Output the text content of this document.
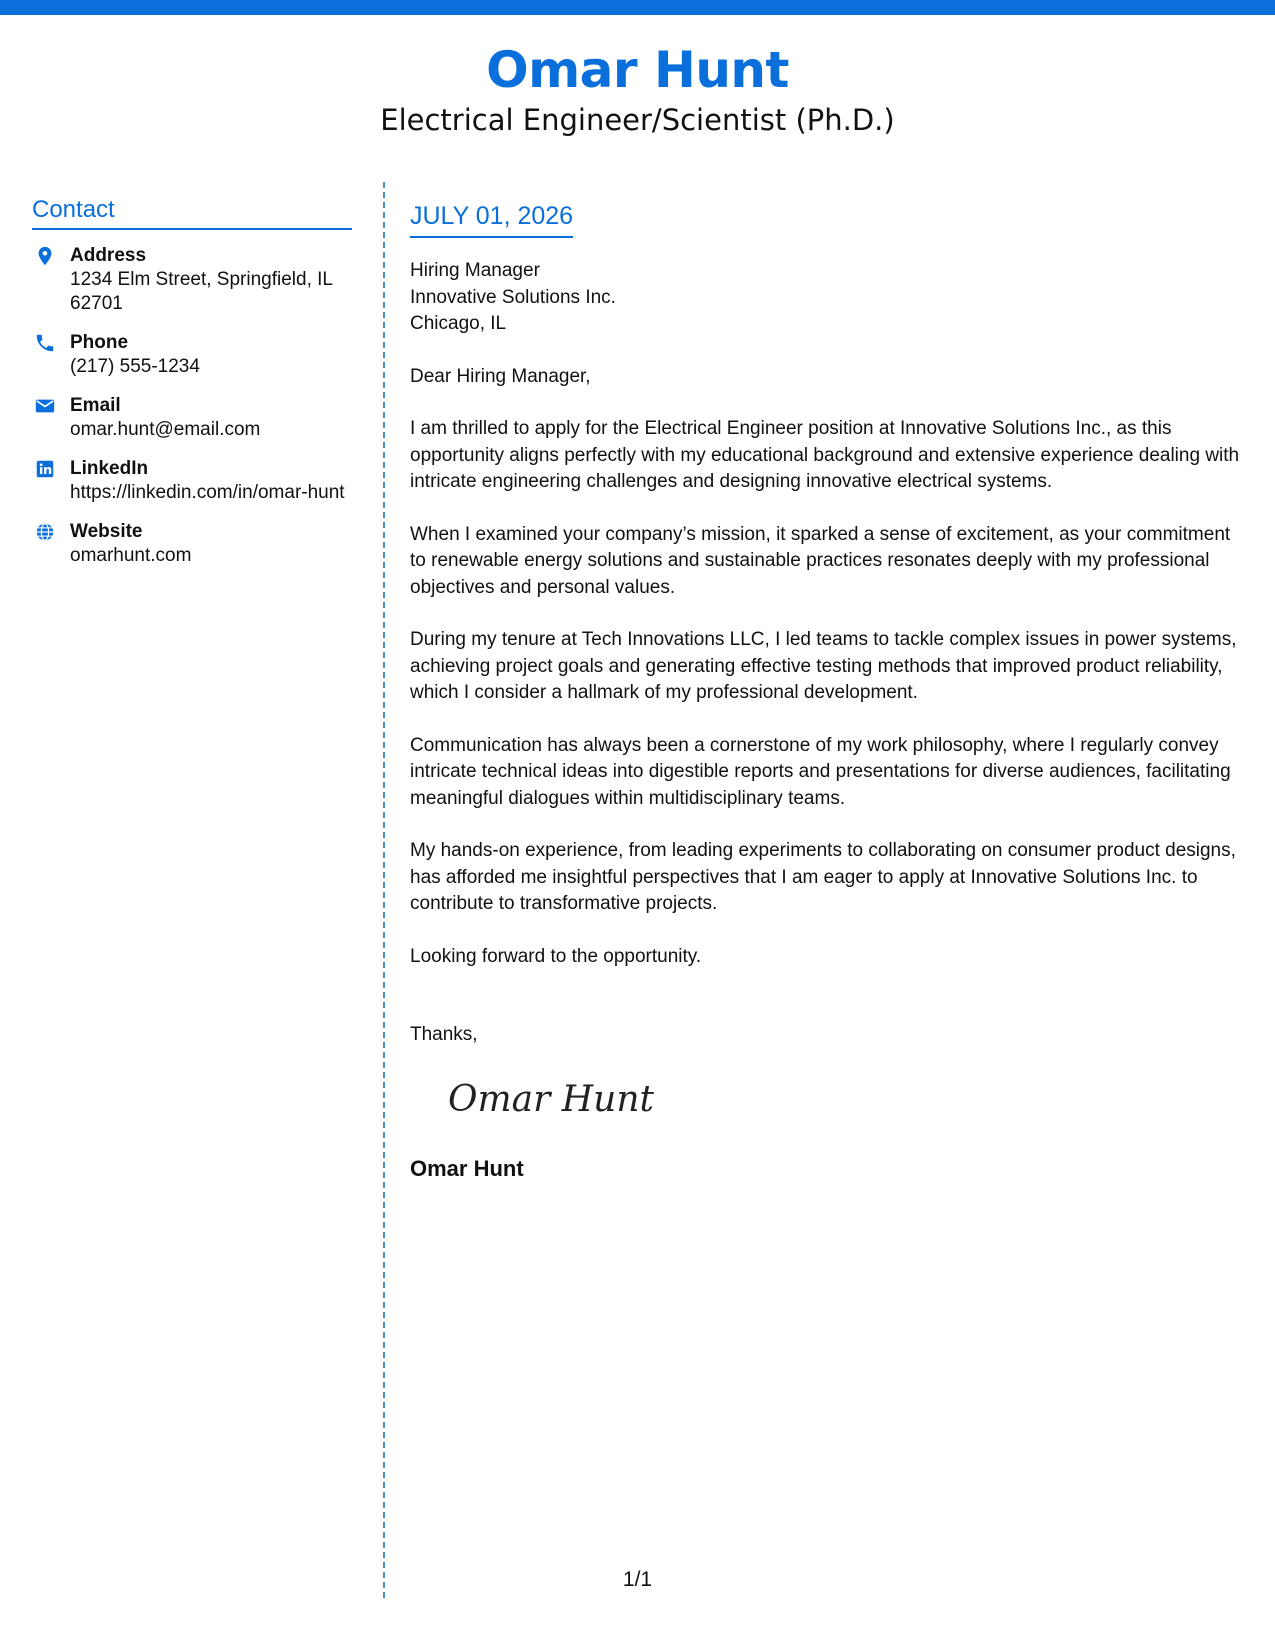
Omar Hunt
Electrical Engineer/Scientist (Ph.D.)
Contact
Address
1234 Elm Street, Springfield, IL 62701
Phone
(217) 555-1234
Email
omar.hunt@email.com
LinkedIn
https://linkedin.com/in/omar-hunt
Website
omarhunt.com
JULY 01, 2026
Hiring Manager
Innovative Solutions Inc.
Chicago, IL
Dear Hiring Manager,
I am thrilled to apply for the Electrical Engineer position at Innovative Solutions Inc., as this opportunity aligns perfectly with my educational background and extensive experience dealing with intricate engineering challenges and designing innovative electrical systems.
When I examined your company’s mission, it sparked a sense of excitement, as your commitment to renewable energy solutions and sustainable practices resonates deeply with my professional objectives and personal values.
During my tenure at Tech Innovations LLC, I led teams to tackle complex issues in power systems, achieving project goals and generating effective testing methods that improved product reliability, which I consider a hallmark of my professional development.
Communication has always been a cornerstone of my work philosophy, where I regularly convey intricate technical ideas into digestible reports and presentations for diverse audiences, facilitating meaningful dialogues within multidisciplinary teams.
My hands-on experience, from leading experiments to collaborating on consumer product designs, has afforded me insightful perspectives that I am eager to apply at Innovative Solutions Inc. to contribute to transformative projects.
Looking forward to the opportunity.
Thanks,
Omar Hunt
Omar Hunt
1/1
